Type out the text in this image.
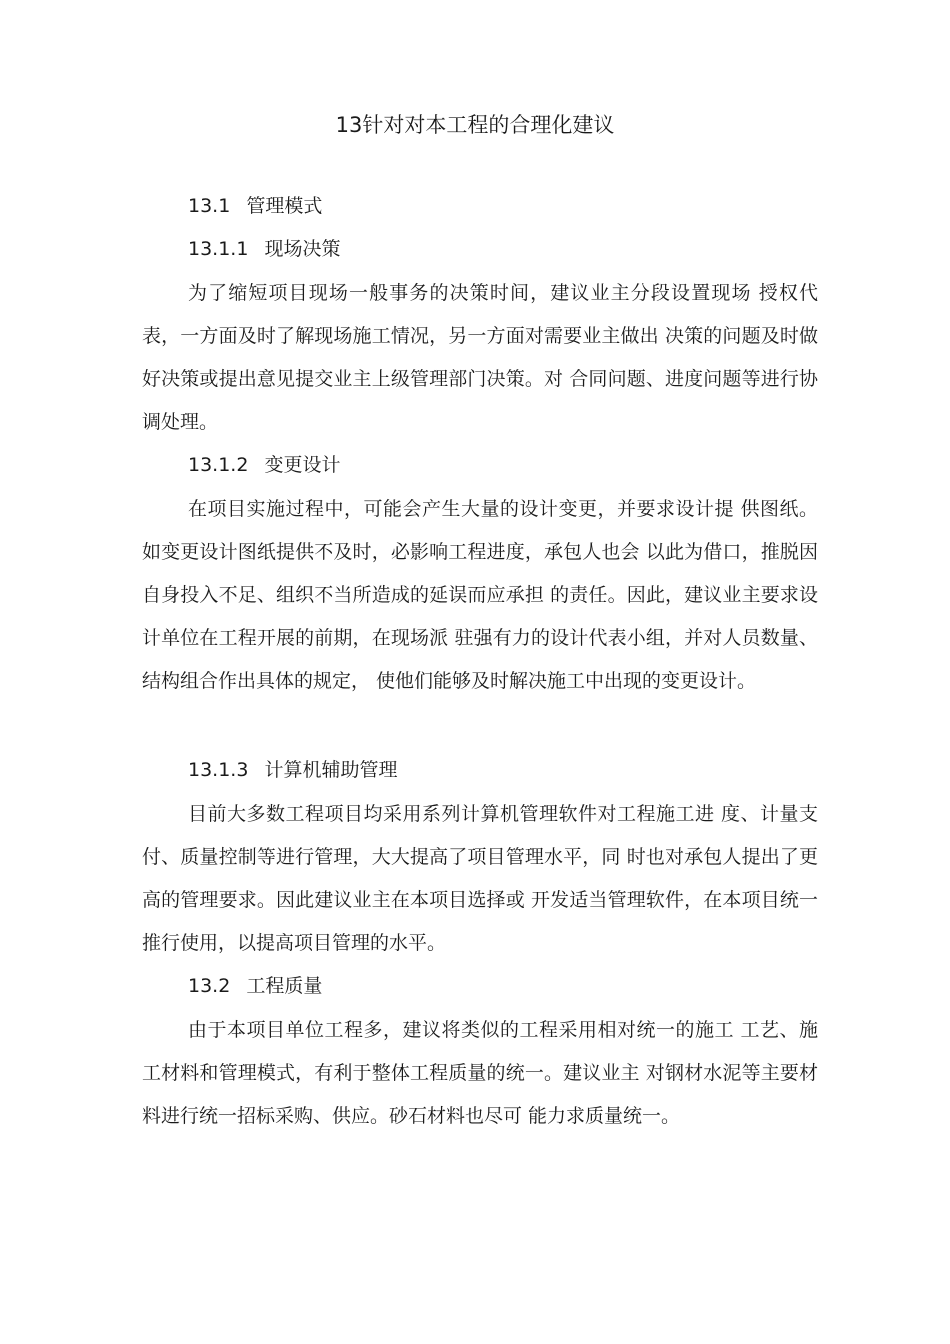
13针对对本工程的合理化建议
13.1 管理模式
13.1.1 现场决策

为了缩短项目现场一般事务的决策时间，建议业主分段设置现场 授权代表，一方面及时了解现场施工情况，另一方面对需要业主做出 决策的问题及时做好决策或提出意见提交业主上级管理部门决策。对 合同问题、进度问题等进行协调处理。

13.1.2 变更设计

在项目实施过程中，可能会产生大量的设计变更，并要求设计提 供图纸。如变更设计图纸提供不及时，必影响工程进度，承包人也会 以此为借口，推脱因自身投入不足、组织不当所造成的延误而应承担 的责任。因此，建议业主要求设计单位在工程开展的前期，在现场派 驻强有力的设计代表小组，并对人员数量、结构组合作出具体的规定， 使他们能够及时解决施工中出现的变更设计。

13.1.3 计算机辅助管理

目前大多数工程项目均采用系列计算机管理软件对工程施工进 度、计量支付、质量控制等进行管理，大大提高了项目管理水平，同 时也对承包人提出了更高的管理要求。因此建议业主在本项目选择或 开发适当管理软件，在本项目统一推行使用，以提高项目管理的水平。

13.2 工程质量

由于本项目单位工程多，建议将类似的工程采用相对统一的施工 工艺、施工材料和管理模式，有利于整体工程质量的统一。建议业主 对钢材水泥等主要材料进行统一招标采购、供应。砂石材料也尽可 能力求质量统一。
